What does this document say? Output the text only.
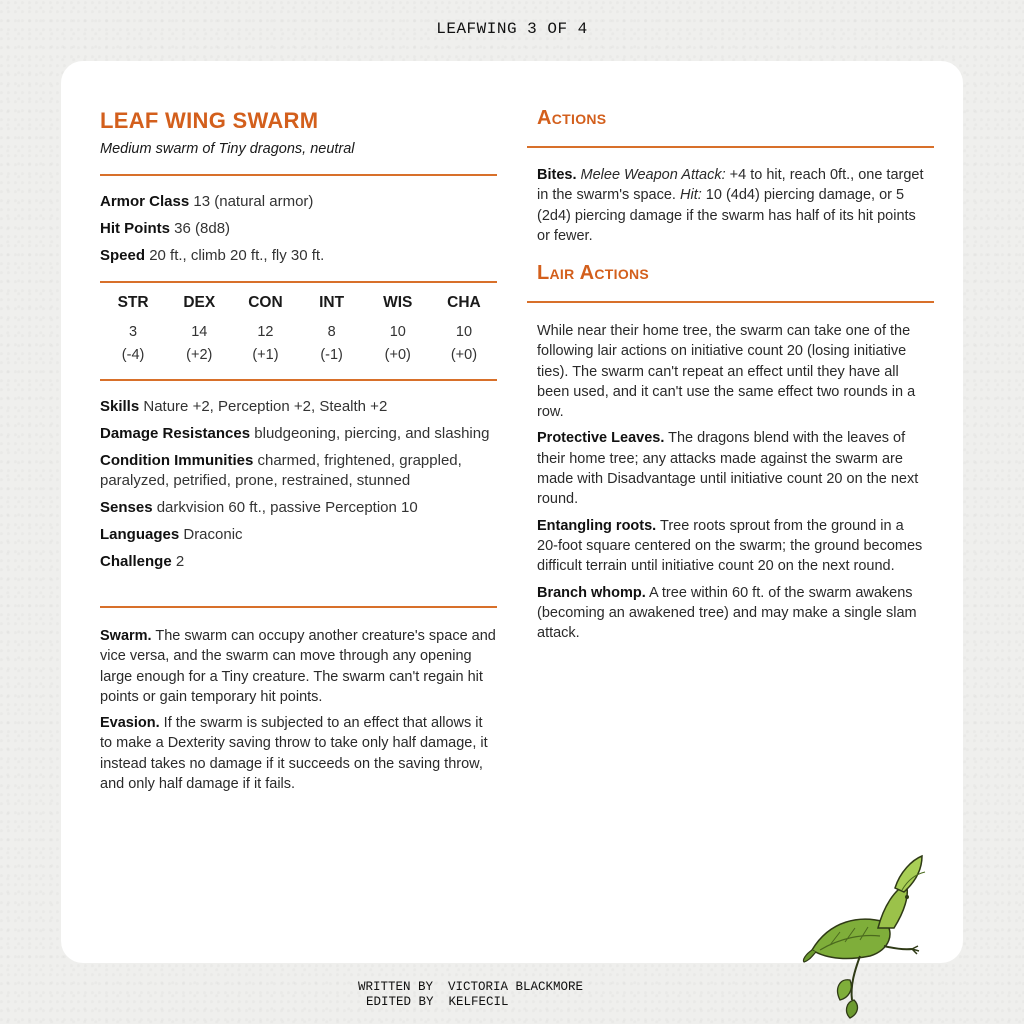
LEAFWING 3 OF 4
LEAF WING SWARM

Medium swarm of Tiny dragons, neutral

Armor Class 13 (natural armor)

Hit Points 36 (8d8)

Speed 20 ft., climb 20 ft., fly 30 ft.

STR
3
(-4)
DEX
14
(+2)
CON
12
(+1)
INT
8
(-1)
WIS
10
(+0)
CHA
10
(+0)

Skills Nature +2, Perception +2, Stealth +2

Damage Resistances bludgeoning, piercing, and slashing

Condition Immunities charmed, frightened, grappled, paralyzed, petrified, prone, restrained, stunned

Senses darkvision 60 ft., passive Perception 10

Languages Draconic

Challenge 2

Swarm. The swarm can occupy another creature's space and vice versa, and the swarm can move through any opening large enough for a Tiny creature. The swarm can't regain hit points or gain temporary hit points.

Evasion. If the swarm is subjected to an effect that allows it to make a Dexterity saving throw to take only half damage, it instead takes no damage if it succeeds on the saving throw, and only half damage if it fails.

Actions

Bites. Melee Weapon Attack: +4 to hit, reach 0ft., one target in the swarm's space. Hit: 10 (4d4) piercing damage, or 5 (2d4) piercing damage if the swarm has half of its hit points or fewer.

Lair Actions

While near their home tree, the swarm can take one of the following lair actions on initiative count 20 (losing initiative ties). The swarm can't repeat an effect until they have all been used, and it can't use the same effect two rounds in a row.

Protective Leaves. The dragons blend with the leaves of their home tree; any attacks made against the swarm are made with Disadvantage until initiative count 20 on the next round.

Entangling roots. Tree roots sprout from the ground in a 20-foot square centered on the swarm; the ground becomes difficult terrain until initiative count 20 on the next round.

Branch whomp. A tree within 60 ft. of the swarm awakens (becoming an awakened tree) and may make a single slam attack.

WRITTEN BY VICTORIA BLACKMORE
EDITED BY KELFECIL
